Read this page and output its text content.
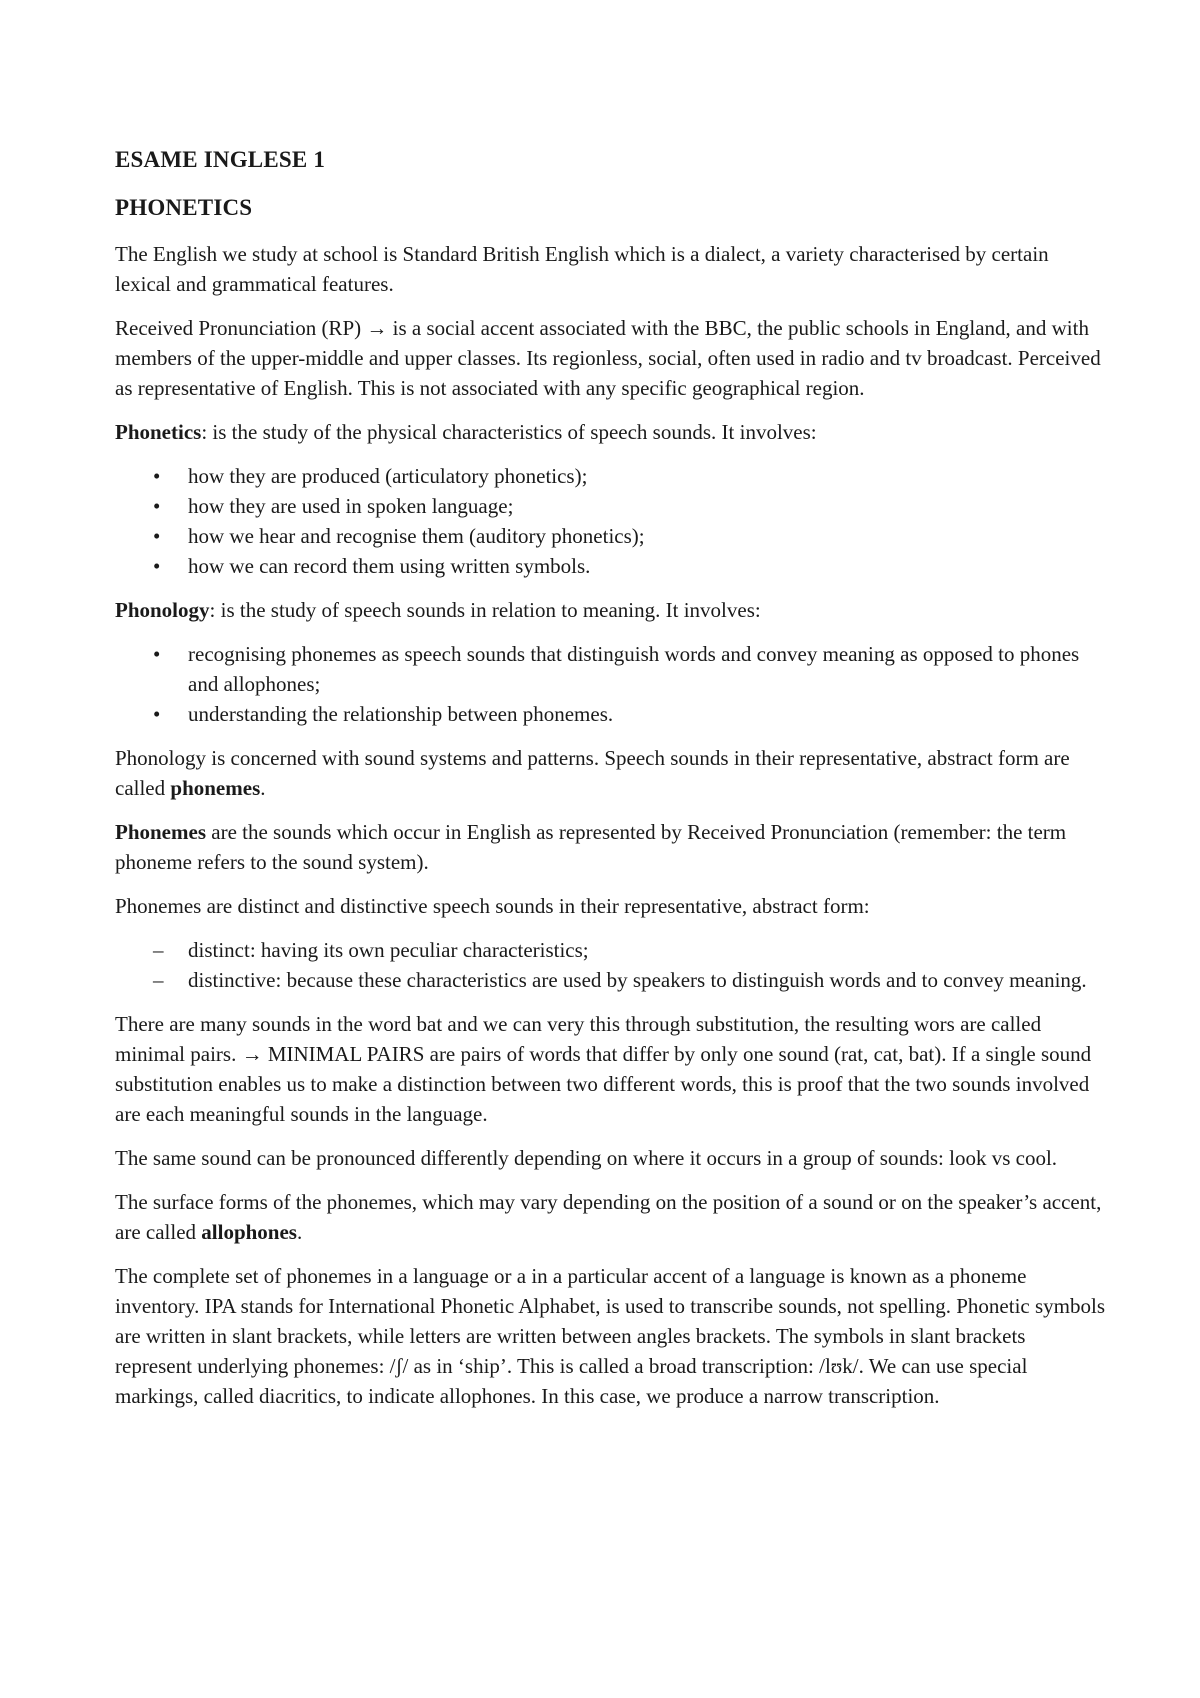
ESAME INGLESE 1
PHONETICS

The English we study at school is Standard British English which is a dialect, a variety characterised by certain lexical and grammatical features.

Received Pronunciation (RP) → is a social accent associated with the BBC, the public schools in England, and with members of the upper-middle and upper classes. Its regionless, social, often used in radio and tv broadcast. Perceived as representative of English. This is not associated with any specific geographical region.

Phonetics: is the study of the physical characteristics of speech sounds. It involves:

• how they are produced (articulatory phonetics);
• how they are used in spoken language;
• how we hear and recognise them (auditory phonetics);
• how we can record them using written symbols.

Phonology: is the study of speech sounds in relation to meaning. It involves:

• recognising phonemes as speech sounds that distinguish words and convey meaning as opposed to phones and allophones;
• understanding the relationship between phonemes.

Phonology is concerned with sound systems and patterns. Speech sounds in their representative, abstract form are called phonemes.

Phonemes are the sounds which occur in English as represented by Received Pronunciation (remember: the term phoneme refers to the sound system).

Phonemes are distinct and distinctive speech sounds in their representative, abstract form:

– distinct: having its own peculiar characteristics;
– distinctive: because these characteristics are used by speakers to distinguish words and to convey meaning.

There are many sounds in the word bat and we can very this through substitution, the resulting wors are called minimal pairs. → MINIMAL PAIRS are pairs of words that differ by only one sound (rat, cat, bat). If a single sound substitution enables us to make a distinction between two different words, this is proof that the two sounds involved are each meaningful sounds in the language.

The same sound can be pronounced differently depending on where it occurs in a group of sounds: look vs cool.

The surface forms of the phonemes, which may vary depending on the position of a sound or on the speaker’s accent, are called allophones.

The complete set of phonemes in a language or a in a particular accent of a language is known as a phoneme inventory. IPA stands for International Phonetic Alphabet, is used to transcribe sounds, not spelling. Phonetic symbols are written in slant brackets, while letters are written between angles brackets. The symbols in slant brackets represent underlying phonemes: /ʃ/ as in ‘ship’. This is called a broad transcription: /lʊk/. We can use special markings, called diacritics, to indicate allophones. In this case, we produce a narrow transcription.
